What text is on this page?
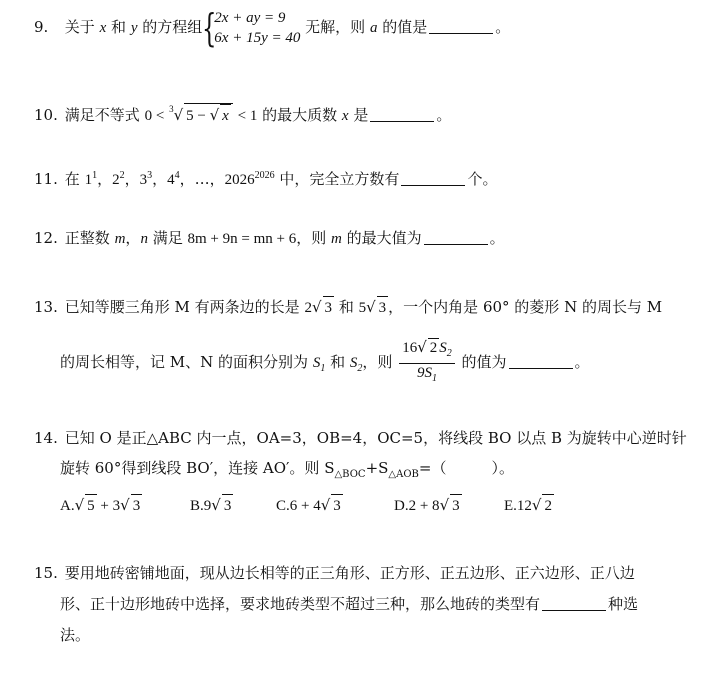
9. 关于 x 和 y 的方程组 {
2x + ay = 9
6x + 15y = 40
无解，则 a 的值是	。
10. 满足不等式 0 < $^3$√ 5 − √ x < 1 的最大质数 x 是	。
11. 在 $1^1$，$2^2$，$3^3$，$4^4$，…，$2026^{2026}$ 中，完全立方数有	个。
12. 正整数 m，n 满足 8m + 9n = mn + 6，则 m 的最大值为	。
13. 已知等腰三角形 M 有两条边的长是 2√ 3 和 5√ 3 ，一个内角是 60° 的菱形 N 的周长与 M
的周长相等，记 M、N 的面积分别为 $S_1$ 和 $S_2$，则 $\frac{16√ 2 S_2}{9S_1}$ 的值为	。
14. 已知 O 是正△ABC 内一点，OA=3，OB=4，OC=5，将线段 BO 以点 B 为旋转中心逆时针
旋转 60°得到线段 BO′，连接 AO′。则 $S_{\triangle BOC}+S_{\triangle AOB}=$（　　　）。
A.√ 5 + 3√ 3	B.9√ 3	C.6 + 4√ 3	D.2 + 8√ 3	E.12√ 2
15. 要用地砖密铺地面，现从边长相等的正三角形、正方形、正五边形、正六边形、正八边
形、正十边形地砖中选择，要求地砖类型不超过三种，那么地砖的类型有	种选
法。
